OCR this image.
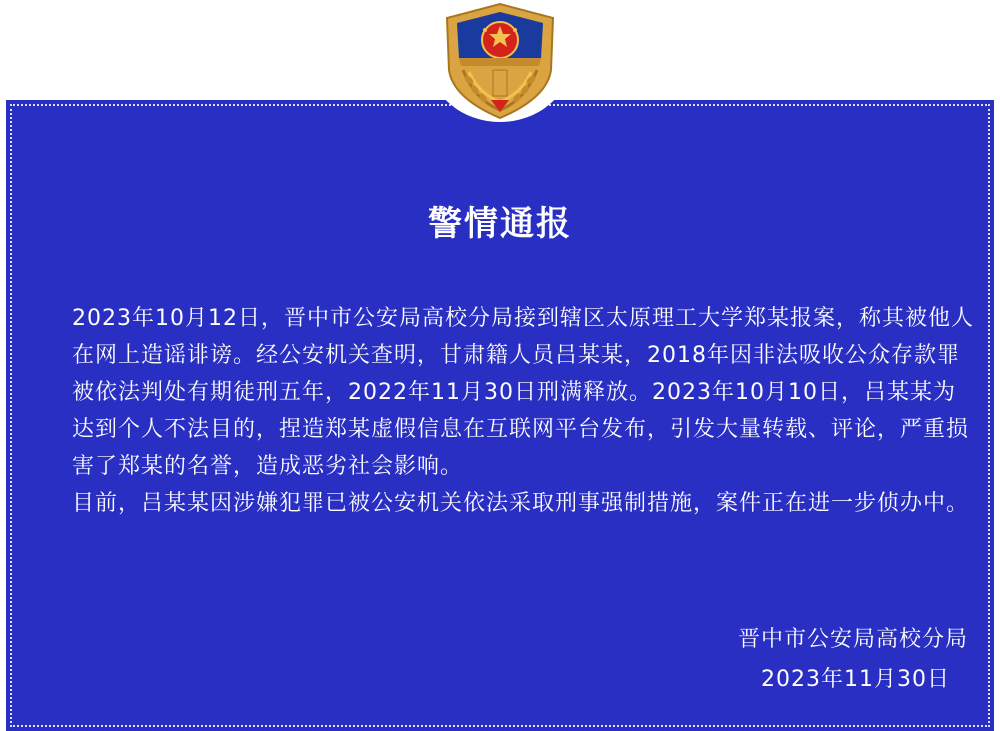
警情通报

2023年10月12日，晋中市公安局高校分局接到辖区太原理工大学郑某报案，称其被他人在网上造谣诽谤。经公安机关查明，甘肃籍人员吕某某，2018年因非法吸收公众存款罪被依法判处有期徒刑五年，2022年11月30日刑满释放。2023年10月10日，吕某某为达到个人不法目的，捏造郑某虚假信息在互联网平台发布，引发大量转载、评论，严重损害了郑某的名誉，造成恶劣社会影响。

目前，吕某某因涉嫌犯罪已被公安机关依法采取刑事强制措施，案件正在进一步侦办中。

晋中市公安局高校分局
2023年11月30日
